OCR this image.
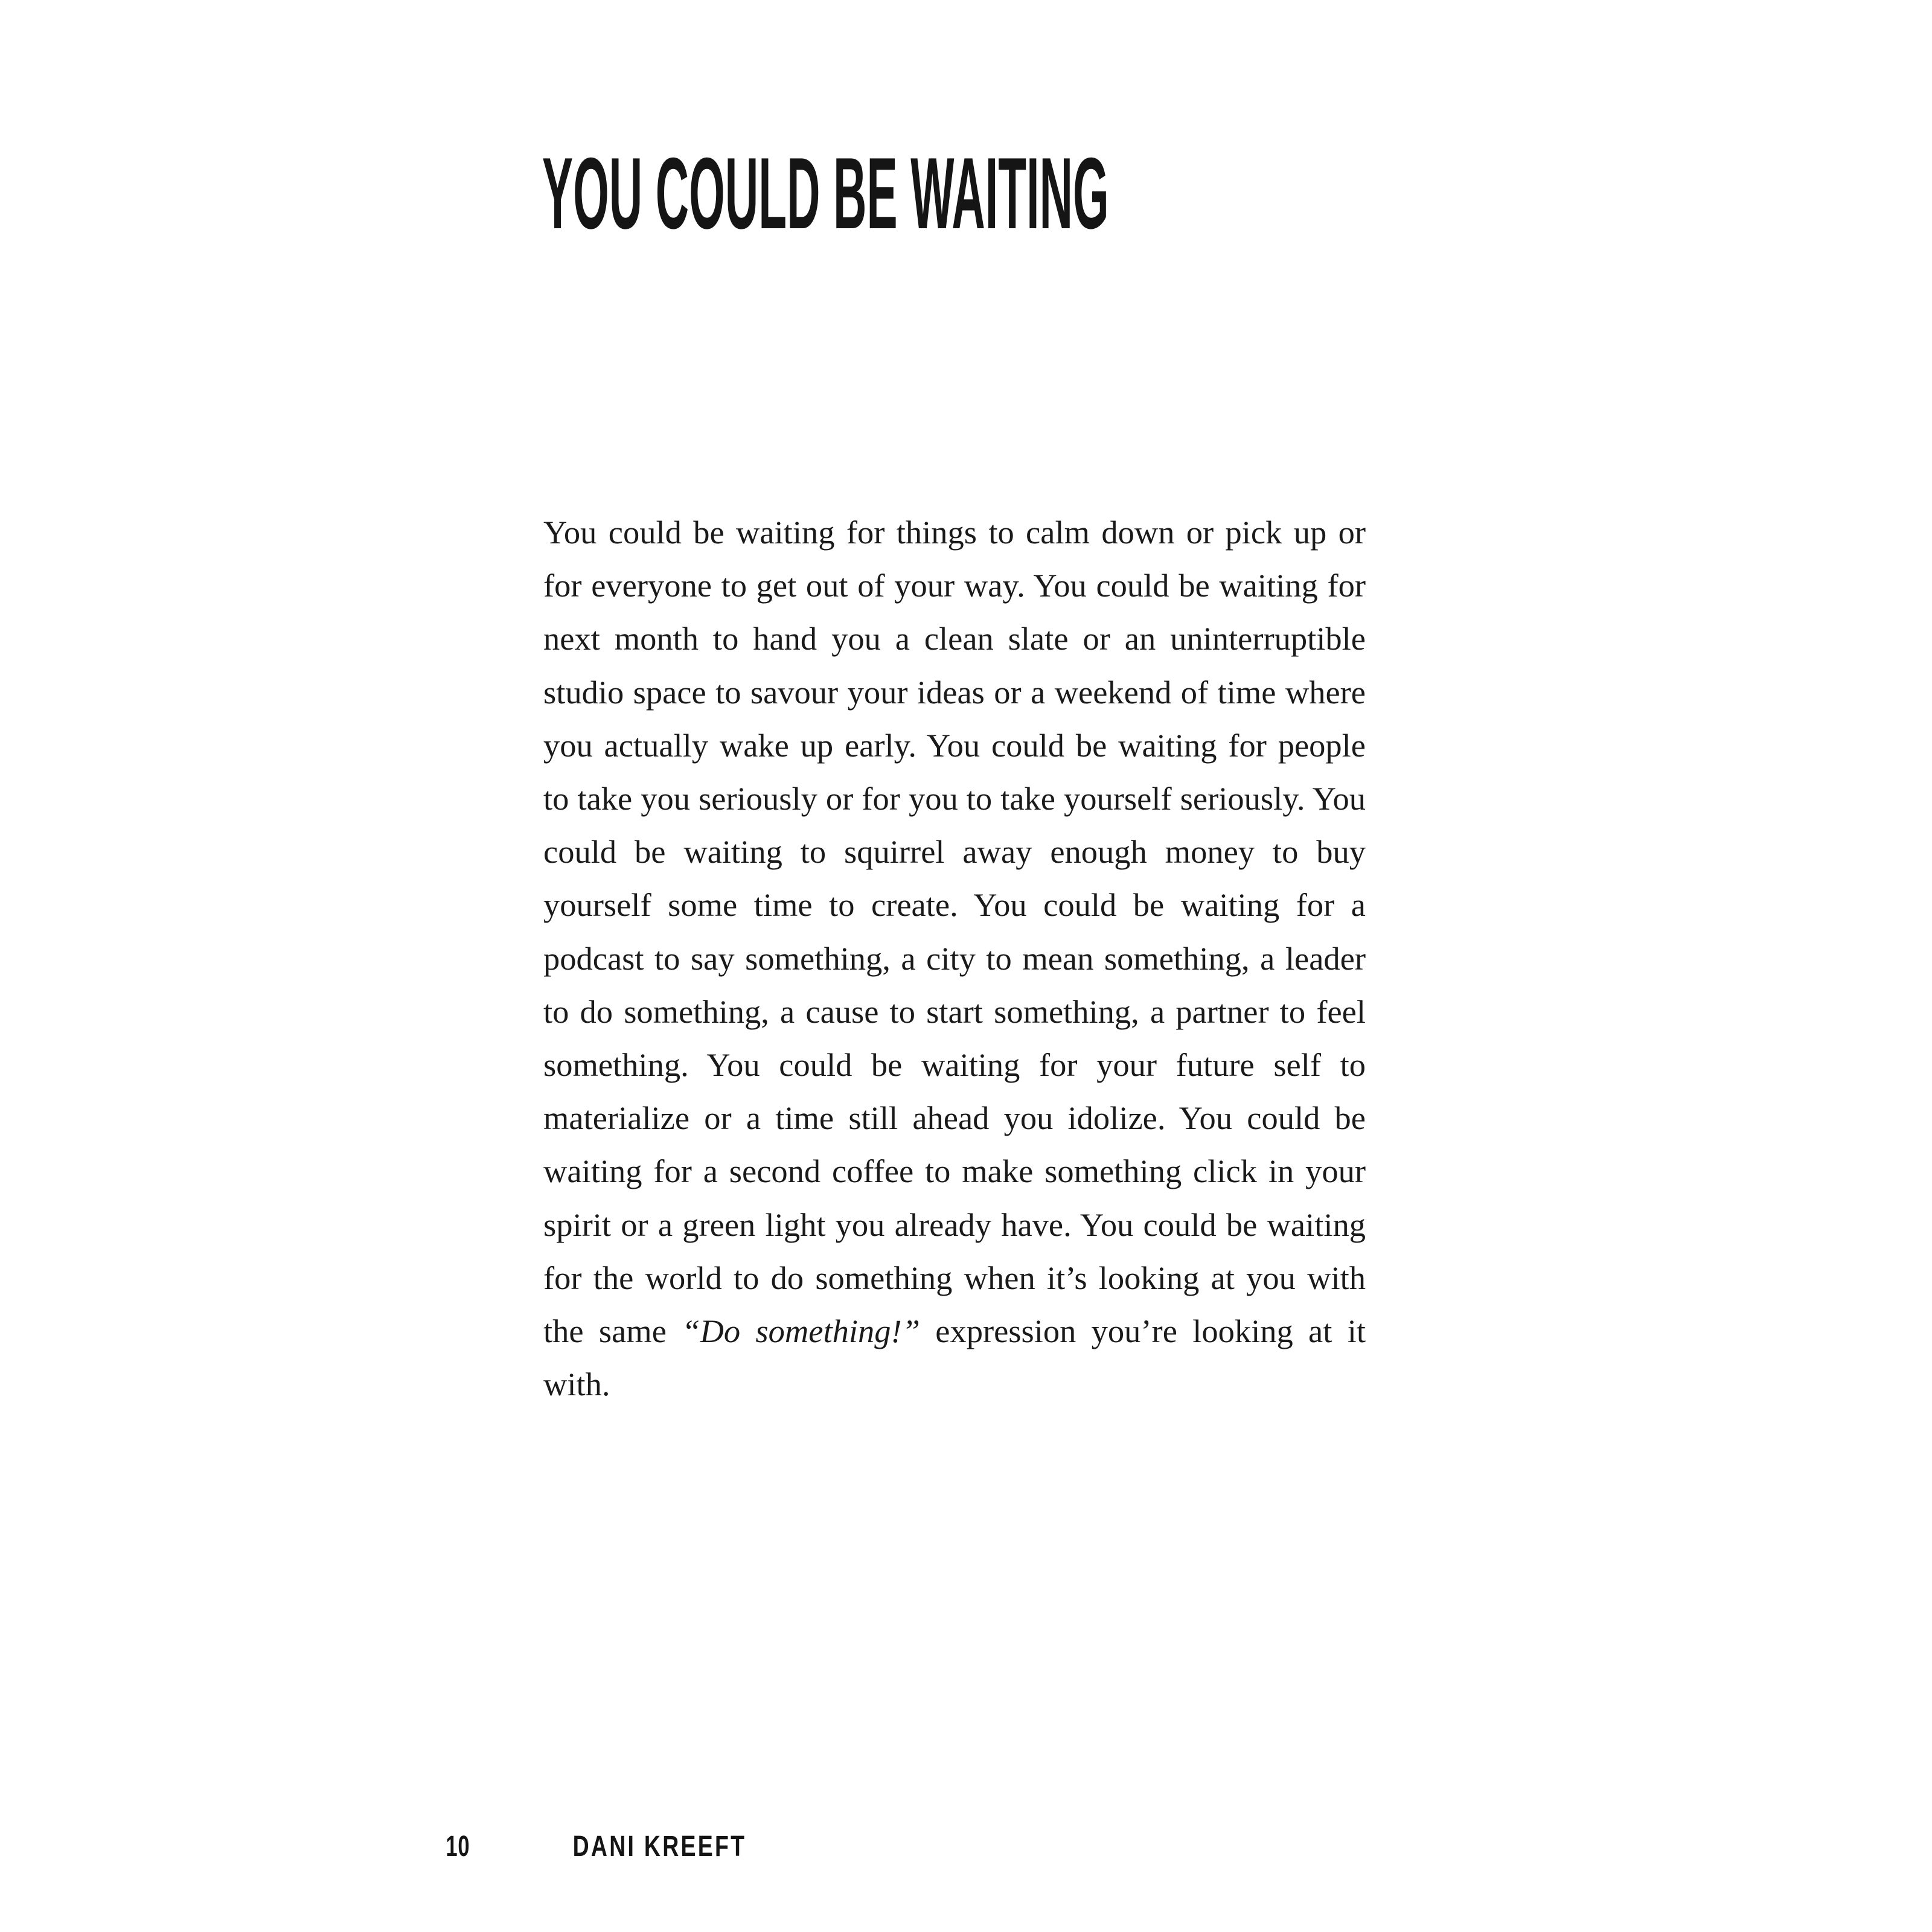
YOU COULD BE WAITING

You could be waiting for things to calm down or pick up or for everyone to get out of your way. You could be waiting for next month to hand you a clean slate or an uninterruptible studio space to savour your ideas or a weekend of time where you actually wake up early. You could be waiting for people to take you seriously or for you to take yourself seriously. You could be waiting to squirrel away enough money to buy yourself some time to create. You could be waiting for a podcast to say something, a city to mean something, a leader to do something, a cause to start something, a partner to feel something. You could be waiting for your future self to materialize or a time still ahead you idolize. You could be waiting for a second coffee to make something click in your spirit or a green light you already have. You could be waiting for the world to do something when it’s looking at you with the same “Do something!” expression you’re looking at it with.

10	DANI KREEFT
